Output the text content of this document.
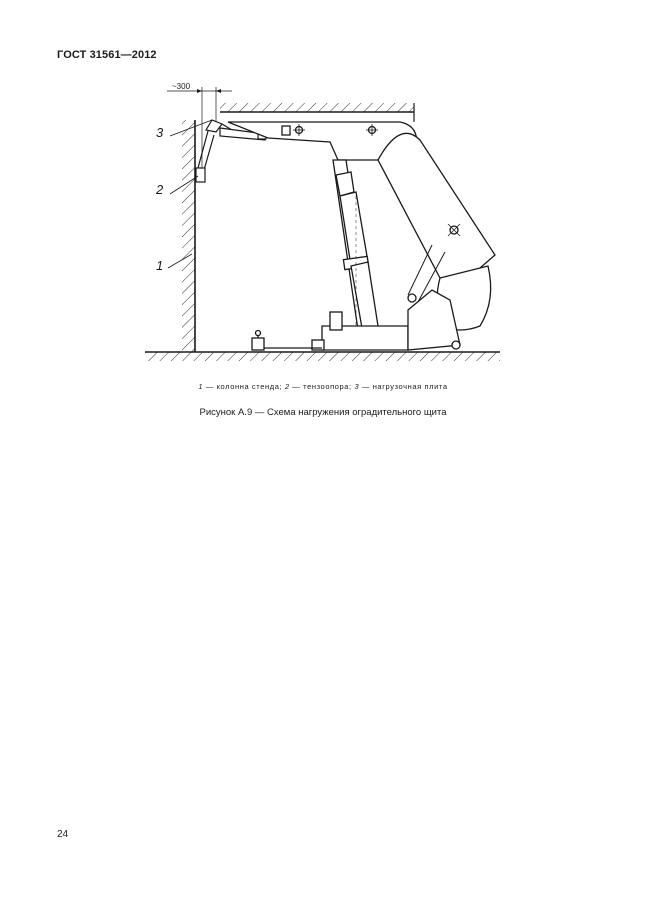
ГОСТ 31561—2012
~300
3
2
1
1 — колонна стенда; 2 — тензоопора; 3 — нагрузочная плита
Рисунок А.9 — Схема нагружения оградительного щита
24
